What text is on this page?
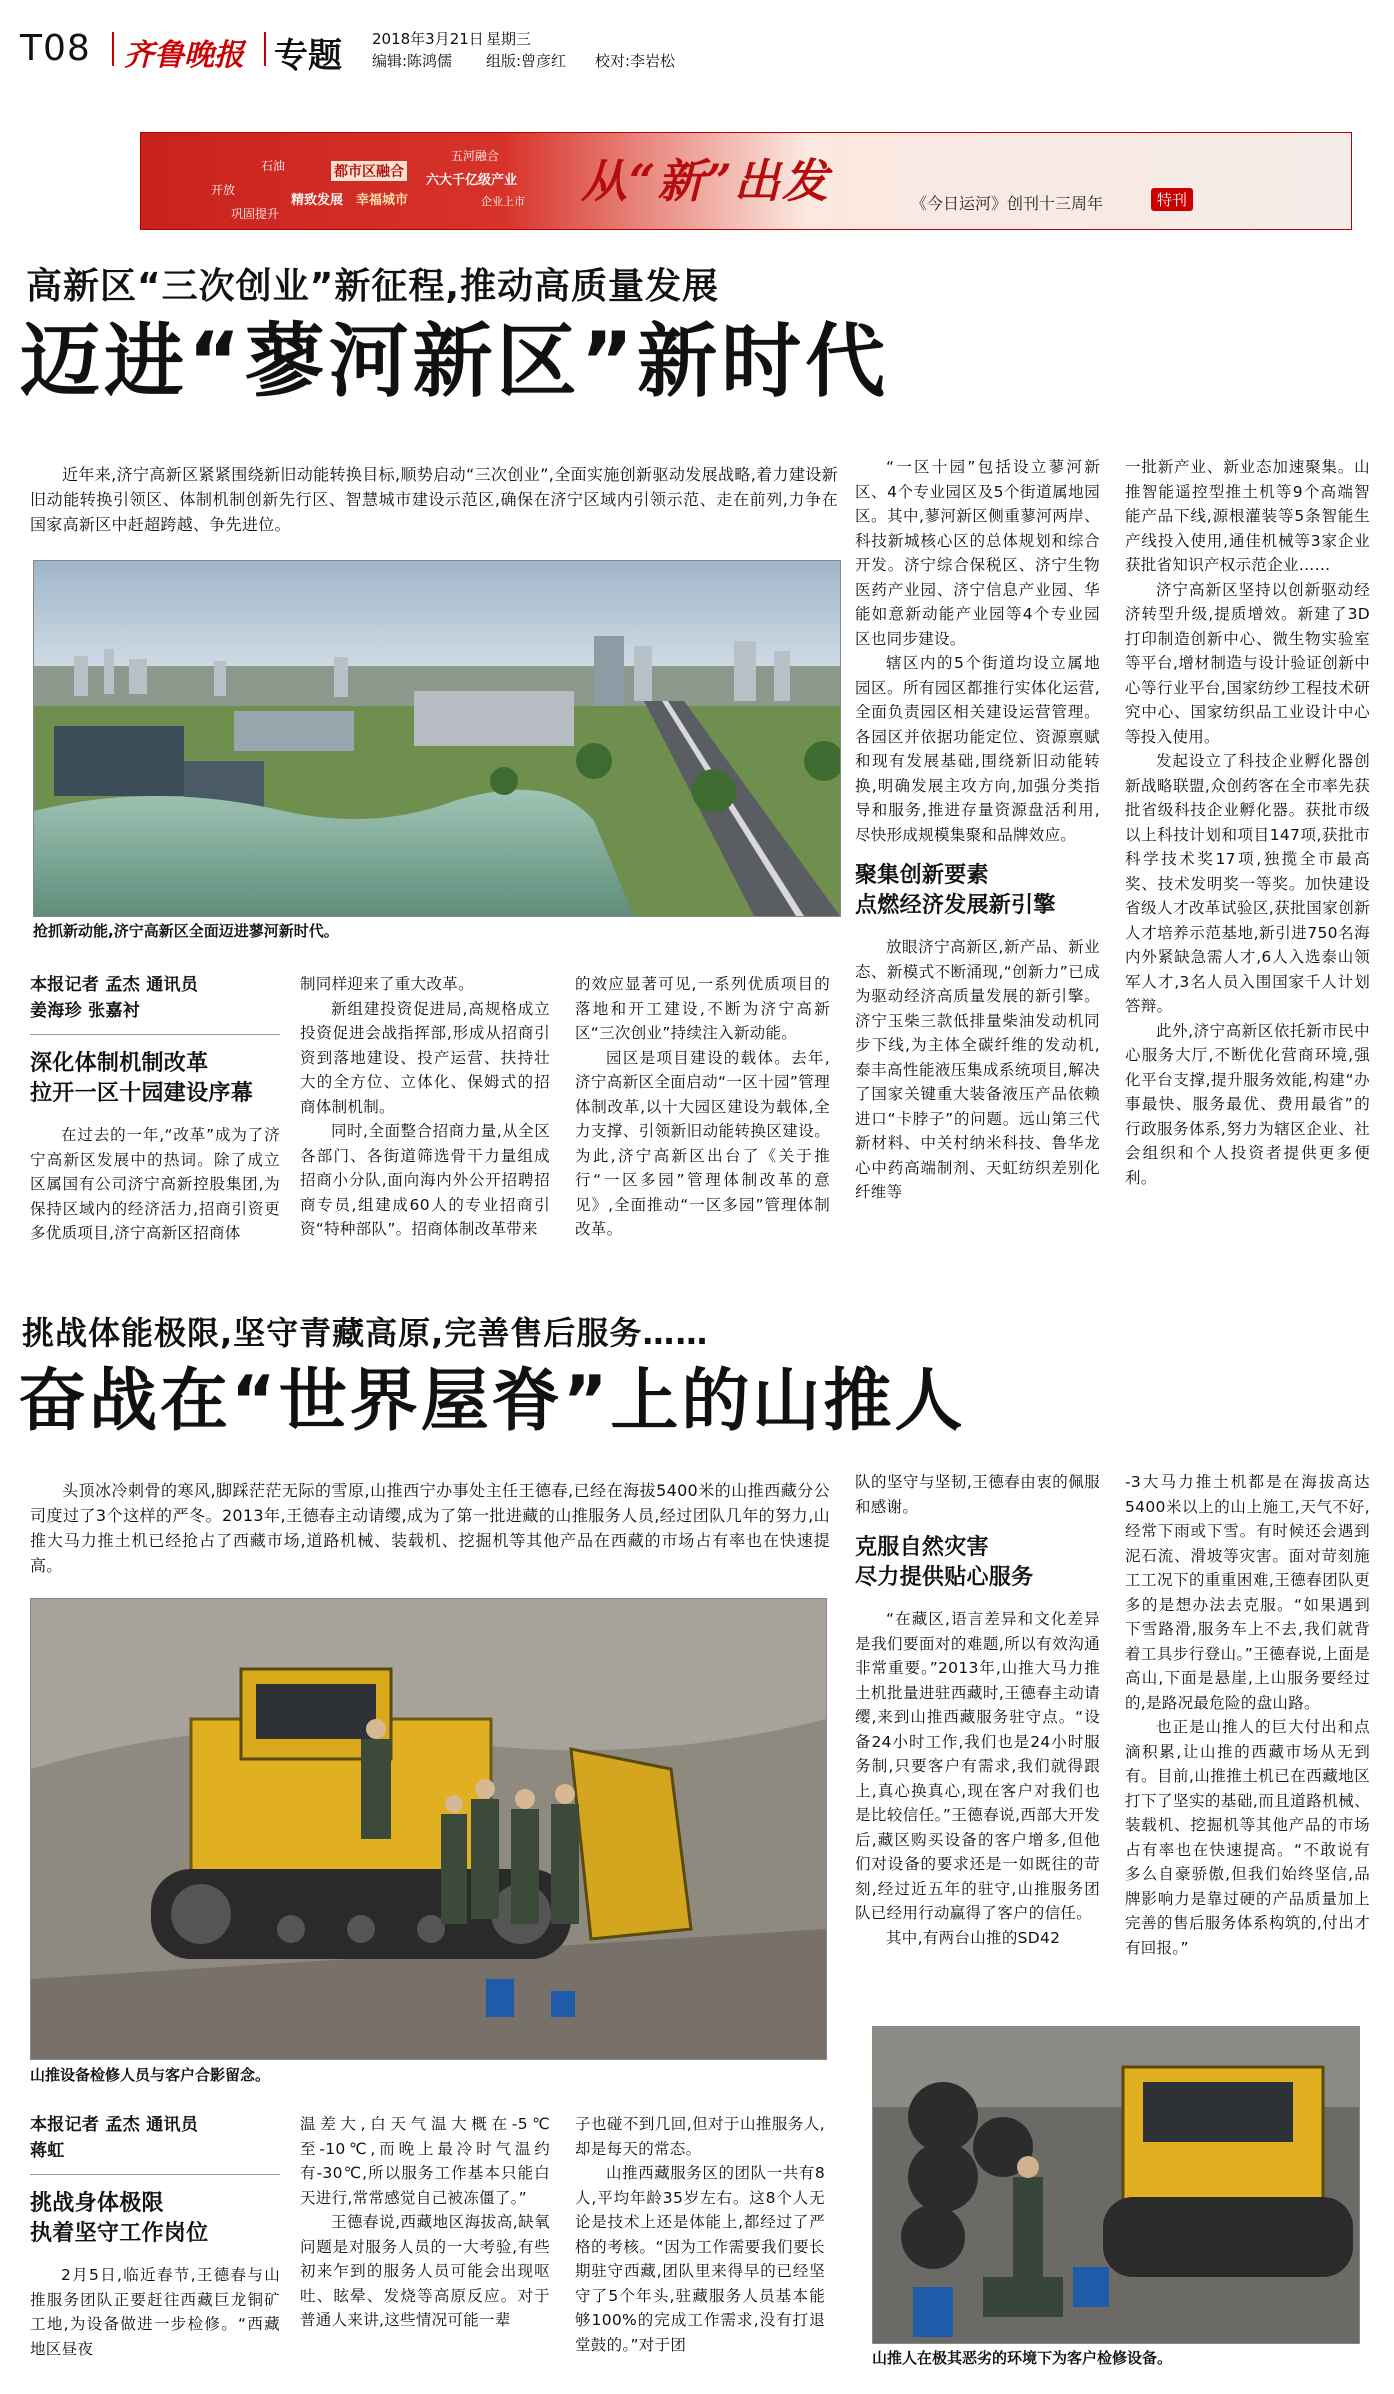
T08 齐鲁晚报 专题 2018年3月21日 星期三
编辑:陈鸿儒 组版:曾彦红 校对:李岩松
都市区融合
五河融合
精致发展 幸福城市
六大千亿级产业
石油
开放
巩固提升
企业上市 从“新”出发	《今日运河》创刊十三周年	特刊
高新区“三次创业”新征程,推动高质量发展
迈进“蓼河新区”新时代

近年来,济宁高新区紧紧围绕新旧动能转换目标,顺势启动“三次创业”,全面实施创新驱动发展战略,着力建设新旧动能转换引领区、体制机制创新先行区、智慧城市建设示范区,确保在济宁区域内引领示范、走在前列,力争在国家高新区中赶超跨越、争先进位。

抢抓新动能,济宁高新区全面迈进蓼河新时代。
本报记者 孟杰 通讯员
姜海珍 张嘉衬
深化体制机制改革
拉开一区十园建设序幕

在过去的一年,“改革”成为了济宁高新区发展中的热词。除了成立区属国有公司济宁高新控股集团,为保持区域内的经济活力,招商引资更多优质项目,济宁高新区招商体

制同样迎来了重大改革。

新组建投资促进局,高规格成立投资促进会战指挥部,形成从招商引资到落地建设、投产运营、扶持壮大的全方位、立体化、保姆式的招商体制机制。

同时,全面整合招商力量,从全区各部门、各街道筛选骨干力量组成招商小分队,面向海内外公开招聘招商专员,组建成60人的专业招商引资“特种部队”。招商体制改革带来

的效应显著可见,一系列优质项目的落地和开工建设,不断为济宁高新区“三次创业”持续注入新动能。

园区是项目建设的载体。去年,济宁高新区全面启动“一区十园”管理体制改革,以十大园区建设为载体,全力支撑、引领新旧动能转换区建设。为此,济宁高新区出台了《关于推行“一区多园”管理体制改革的意见》,全面推动“一区多园”管理体制改革。

“一区十园”包括设立蓼河新区、4个专业园区及5个街道属地园区。其中,蓼河新区侧重蓼河两岸、科技新城核心区的总体规划和综合开发。济宁综合保税区、济宁生物医药产业园、济宁信息产业园、华能如意新动能产业园等4个专业园区也同步建设。

辖区内的5个街道均设立属地园区。所有园区都推行实体化运营,全面负责园区相关建设运营管理。各园区并依据功能定位、资源禀赋和现有发展基础,围绕新旧动能转换,明确发展主攻方向,加强分类指导和服务,推进存量资源盘活利用,尽快形成规模集聚和品牌效应。

聚集创新要素
点燃经济发展新引擎

放眼济宁高新区,新产品、新业态、新模式不断涌现,“创新力”已成为驱动经济高质量发展的新引擎。济宁玉柴三款低排量柴油发动机同步下线,为主体全碳纤维的发动机,泰丰高性能液压集成系统项目,解决了国家关键重大装备液压产品依赖进口“卡脖子”的问题。远山第三代新材料、中关村纳米科技、鲁华龙心中药高端制剂、天虹纺织差别化纤维等

一批新产业、新业态加速聚集。山推智能遥控型推土机等9个高端智能产品下线,源根灌装等5条智能生产线投入使用,通佳机械等3家企业获批省知识产权示范企业……

济宁高新区坚持以创新驱动经济转型升级,提质增效。新建了3D打印制造创新中心、微生物实验室等平台,增材制造与设计验证创新中心等行业平台,国家纺纱工程技术研究中心、国家纺织品工业设计中心等投入使用。

发起设立了科技企业孵化器创新战略联盟,众创药客在全市率先获批省级科技企业孵化器。获批市级以上科技计划和项目147项,获批市科学技术奖17项,独揽全市最高奖、技术发明奖一等奖。加快建设省级人才改革试验区,获批国家创新人才培养示范基地,新引进750名海内外紧缺急需人才,6人入选泰山领军人才,3名人员入围国家千人计划答辩。

此外,济宁高新区依托新市民中心服务大厅,不断优化营商环境,强化平台支撑,提升服务效能,构建“办事最快、服务最优、费用最省”的行政服务体系,努力为辖区企业、社会组织和个人投资者提供更多便利。

挑战体能极限,坚守青藏高原,完善售后服务……
奋战在“世界屋脊”上的山推人

头顶冰冷刺骨的寒风,脚踩茫茫无际的雪原,山推西宁办事处主任王德春,已经在海拔5400米的山推西藏分公司度过了3个这样的严冬。2013年,王德春主动请缨,成为了第一批进藏的山推服务人员,经过团队几年的努力,山推大马力推土机已经抢占了西藏市场,道路机械、装载机、挖掘机等其他产品在西藏的市场占有率也在快速提高。

山推设备检修人员与客户合影留念。
本报记者 孟杰 通讯员
蒋虹
挑战身体极限
执着坚守工作岗位

2月5日,临近春节,王德春与山推服务团队正要赶往西藏巨龙铜矿工地,为设备做进一步检修。“西藏地区昼夜

温差大,白天气温大概在-5℃至-10℃,而晚上最冷时气温约有-30℃,所以服务工作基本只能白天进行,常常感觉自己被冻僵了。”

王德春说,西藏地区海拔高,缺氧问题是对服务人员的一大考验,有些初来乍到的服务人员可能会出现呕吐、眩晕、发烧等高原反应。对于普通人来讲,这些情况可能一辈

子也碰不到几回,但对于山推服务人,却是每天的常态。

山推西藏服务区的团队一共有8人,平均年龄35岁左右。这8个人无论是技术上还是体能上,都经过了严格的考核。“因为工作需要我们要长期驻守西藏,团队里来得早的已经坚守了5个年头,驻藏服务人员基本能够100%的完成工作需求,没有打退堂鼓的。”对于团

队的坚守与坚韧,王德春由衷的佩服和感谢。

克服自然灾害
尽力提供贴心服务

“在藏区,语言差异和文化差异是我们要面对的难题,所以有效沟通非常重要。”2013年,山推大马力推土机批量进驻西藏时,王德春主动请缨,来到山推西藏服务驻守点。“设备24小时工作,我们也是24小时服务制,只要客户有需求,我们就得跟上,真心换真心,现在客户对我们也是比较信任。”王德春说,西部大开发后,藏区购买设备的客户增多,但他们对设备的要求还是一如既往的苛刻,经过近五年的驻守,山推服务团队已经用行动赢得了客户的信任。

其中,有两台山推的SD42

-3大马力推土机都是在海拔高达5400米以上的山上施工,天气不好,经常下雨或下雪。有时候还会遇到泥石流、滑坡等灾害。面对苛刻施工工况下的重重困难,王德春团队更多的是想办法去克服。“如果遇到下雪路滑,服务车上不去,我们就背着工具步行登山。”王德春说,上面是高山,下面是悬崖,上山服务要经过的,是路况最危险的盘山路。

也正是山推人的巨大付出和点滴积累,让山推的西藏市场从无到有。目前,山推推土机已在西藏地区打下了坚实的基础,而且道路机械、装载机、挖掘机等其他产品的市场占有率也在快速提高。“不敢说有多么自豪骄傲,但我们始终坚信,品牌影响力是靠过硬的产品质量加上完善的售后服务体系构筑的,付出才有回报。”

山推人在极其恶劣的环境下为客户检修设备。
